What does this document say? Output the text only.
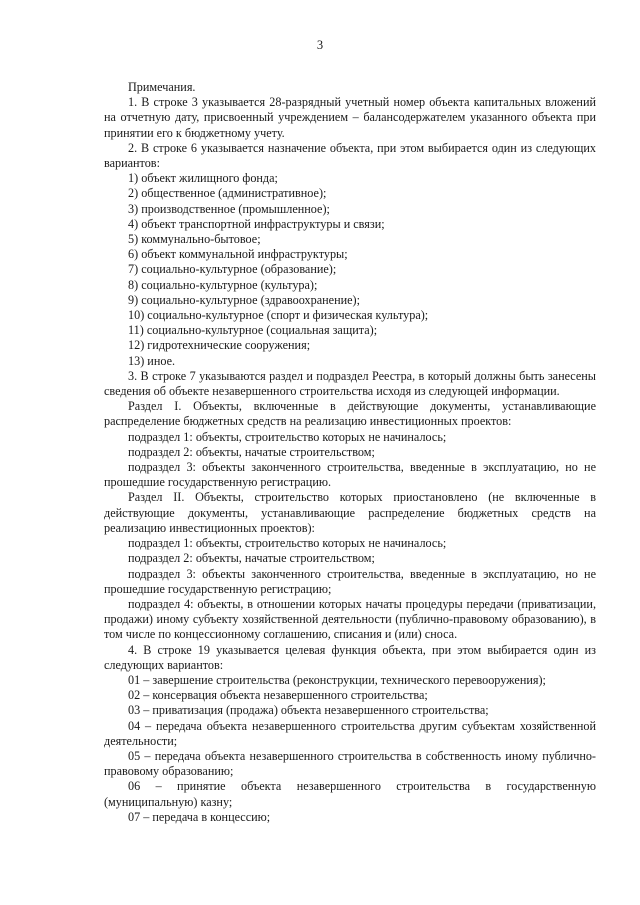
3

Примечания.

1. В строке 3 указывается 28-разрядный учетный номер объекта капитальных вложений на отчетную дату, присвоенный учреждением – балансодержателем указанного объекта при принятии его к бюджетному учету.

2. В строке 6 указывается назначение объекта, при этом выбирается один из следующих вариантов:

1) объект жилищного фонда;

2) общественное (административное);

3) производственное (промышленное);

4) объект транспортной инфраструктуры и связи;

5) коммунально-бытовое;

6) объект коммунальной инфраструктуры;

7) социально-культурное (образование);

8) социально-культурное (культура);

9) социально-культурное (здравоохранение);

10) социально-культурное (спорт и физическая культура);

11) социально-культурное (социальная защита);

12) гидротехнические сооружения;

13) иное.

3. В строке 7 указываются раздел и подраздел Реестра, в который должны быть занесены сведения об объекте незавершенного строительства исходя из следующей информации.

Раздел I. Объекты, включенные в действующие документы, устанавливающие распределение бюджетных средств на реализацию инвестиционных проектов:

подраздел 1: объекты, строительство которых не начиналось;

подраздел 2: объекты, начатые строительством;

подраздел 3: объекты законченного строительства, введенные в эксплуатацию, но не прошедшие государственную регистрацию.

Раздел II. Объекты, строительство которых приостановлено (не включенные в действующие документы, устанавливающие распределение бюджетных средств на реализацию инвестиционных проектов):

подраздел 1: объекты, строительство которых не начиналось;

подраздел 2: объекты, начатые строительством;

подраздел 3: объекты законченного строительства, введенные в эксплуатацию, но не прошедшие государственную регистрацию;

подраздел 4: объекты, в отношении которых начаты процедуры передачи (приватизации, продажи) иному субъекту хозяйственной деятельности (публично-правовому образованию), в том числе по концессионному соглашению, списания и (или) сноса.

4. В строке 19 указывается целевая функция объекта, при этом выбирается один из следующих вариантов:

01 – завершение строительства (реконструкции, технического перевооружения);

02 – консервация объекта незавершенного строительства;

03 – приватизация (продажа) объекта незавершенного строительства;

04 – передача объекта незавершенного строительства другим субъектам хозяйственной деятельности;

05 – передача объекта незавершенного строительства в собственность иному публично-правовому образованию;

06 – принятие объекта незавершенного строительства в государственную (муниципальную) казну;

07 – передача в концессию;
